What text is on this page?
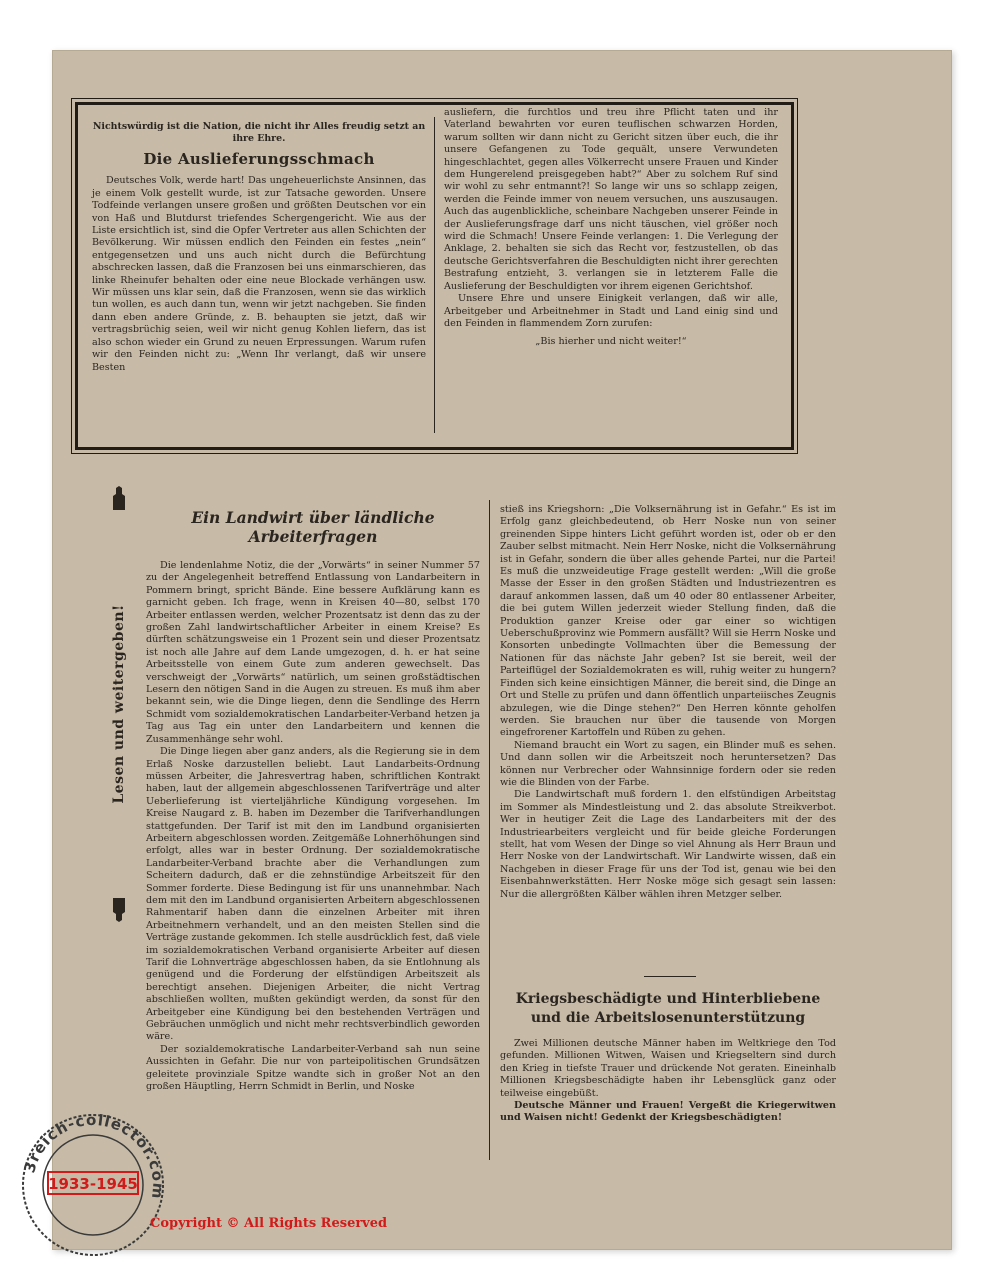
Nichtswürdig ist die Nation, die nicht ihr Alles freudig setzt an ihre Ehre.
Die Auslieferungsschmach

Deutsches Volk, werde hart! Das ungeheuerlichste Ansinnen, das je einem Volk gestellt wurde, ist zur Tatsache geworden. Unsere Todfeinde verlangen unsere großen und größten Deutschen vor ein von Haß und Blutdurst triefendes Schergengericht. Wie aus der Liste ersichtlich ist, sind die Opfer Vertreter aus allen Schichten der Bevölkerung. Wir müssen endlich den Feinden ein festes „nein“ entgegensetzen und uns auch nicht durch die Befürchtung abschrecken lassen, daß die Franzosen bei uns einmarschieren, das linke Rheinufer behalten oder eine neue Blockade verhängen usw. Wir müssen uns klar sein, daß die Franzosen, wenn sie das wirklich tun wollen, es auch dann tun, wenn wir jetzt nachgeben. Sie finden dann eben andere Gründe, z. B. behaupten sie jetzt, daß wir vertragsbrüchig seien, weil wir nicht genug Kohlen liefern, das ist also schon wieder ein Grund zu neuen Erpressungen. Warum rufen wir den Feinden nicht zu: „Wenn Ihr verlangt, daß wir unsere Besten

ausliefern, die furchtlos und treu ihre Pflicht taten und ihr Vaterland bewahrten vor euren teuflischen schwarzen Horden, warum sollten wir dann nicht zu Gericht sitzen über euch, die ihr unsere Gefangenen zu Tode gequält, unsere Verwundeten hingeschlachtet, gegen alles Völkerrecht unsere Frauen und Kinder dem Hungerelend preisgegeben habt?“ Aber zu solchem Ruf sind wir wohl zu sehr entmannt?! So lange wir uns so schlapp zeigen, werden die Feinde immer von neuem versuchen, uns auszusaugen. Auch das augenblickliche, scheinbare Nachgeben unserer Feinde in der Auslieferungsfrage darf uns nicht täuschen, viel größer noch wird die Schmach! Unsere Feinde verlangen: 1. Die Verlegung der Anklage, 2. behalten sie sich das Recht vor, festzustellen, ob das deutsche Gerichtsverfahren die Beschuldigten nicht ihrer gerechten Bestrafung entzieht, 3. verlangen sie in letzterem Falle die Auslieferung der Beschuldigten vor ihrem eigenen Gerichtshof.

Unsere Ehre und unsere Einigkeit verlangen, daß wir alle, Arbeitgeber und Arbeitnehmer in Stadt und Land einig sind und den Feinden in flammendem Zorn zurufen:

„Bis hierher und nicht weiter!“

Lesen und weitergeben!
Ein Landwirt über ländliche Arbeiterfragen

Die lendenlahme Notiz, die der „Vorwärts“ in seiner Nummer 57 zu der Angelegenheit betreffend Entlassung von Landarbeitern in Pommern bringt, spricht Bände. Eine bessere Aufklärung kann es garnicht geben. Ich frage, wenn in Kreisen 40—80, selbst 170 Arbeiter entlassen werden, welcher Prozentsatz ist denn das zu der großen Zahl landwirtschaftlicher Arbeiter in einem Kreise? Es dürften schätzungsweise ein 1 Prozent sein und dieser Prozentsatz ist noch alle Jahre auf dem Lande umgezogen, d. h. er hat seine Arbeitsstelle von einem Gute zum anderen gewechselt. Das verschweigt der „Vorwärts“ natürlich, um seinen großstädtischen Lesern den nötigen Sand in die Augen zu streuen. Es muß ihm aber bekannt sein, wie die Dinge liegen, denn die Sendlinge des Herrn Schmidt vom sozialdemokratischen Landarbeiter-Verband hetzen ja Tag aus Tag ein unter den Landarbeitern und kennen die Zusammenhänge sehr wohl.

Die Dinge liegen aber ganz anders, als die Regierung sie in dem Erlaß Noske darzustellen beliebt. Laut Landarbeits-Ordnung müssen Arbeiter, die Jahresvertrag haben, schriftlichen Kontrakt haben, laut der allgemein abgeschlossenen Tarifverträge und alter Ueberlieferung ist vierteljährliche Kündigung vorgesehen. Im Kreise Naugard z. B. haben im Dezember die Tarifverhandlungen stattgefunden. Der Tarif ist mit den im Landbund organisierten Arbeitern abgeschlossen worden. Zeitgemäße Lohnerhöhungen sind erfolgt, alles war in bester Ordnung. Der sozialdemokratische Landarbeiter-Verband brachte aber die Verhandlungen zum Scheitern dadurch, daß er die zehnstündige Arbeitszeit für den Sommer forderte. Diese Bedingung ist für uns unannehmbar. Nach dem mit den im Landbund organisierten Arbeitern abgeschlossenen Rahmentarif haben dann die einzelnen Arbeiter mit ihren Arbeitnehmern verhandelt, und an den meisten Stellen sind die Verträge zustande gekommen. Ich stelle ausdrücklich fest, daß viele im sozialdemokratischen Verband organisierte Arbeiter auf diesen Tarif die Lohnverträge abgeschlossen haben, da sie Entlohnung als genügend und die Forderung der elfstündigen Arbeitszeit als berechtigt ansehen. Diejenigen Arbeiter, die nicht Vertrag abschließen wollten, mußten gekündigt werden, da sonst für den Arbeitgeber eine Kündigung bei den bestehenden Verträgen und Gebräuchen unmöglich und nicht mehr rechtsverbindlich geworden wäre.

Der sozialdemokratische Landarbeiter-Verband sah nun seine Aussichten in Gefahr. Die nur von parteipolitischen Grundsätzen geleitete provinziale Spitze wandte sich in großer Not an den großen Häuptling, Herrn Schmidt in Berlin, und Noske

stieß ins Kriegshorn: „Die Volksernährung ist in Gefahr.“ Es ist im Erfolg ganz gleichbedeutend, ob Herr Noske nun von seiner greinenden Sippe hinters Licht geführt worden ist, oder ob er den Zauber selbst mitmacht. Nein Herr Noske, nicht die Volksernährung ist in Gefahr, sondern die über alles gehende Partei, nur die Partei! Es muß die unzweideutige Frage gestellt werden: „Will die große Masse der Esser in den großen Städten und Industriezentren es darauf ankommen lassen, daß um 40 oder 80 entlassener Arbeiter, die bei gutem Willen jederzeit wieder Stellung finden, daß die Produktion ganzer Kreise oder gar einer so wichtigen Ueberschußprovinz wie Pommern ausfällt? Will sie Herrn Noske und Konsorten unbedingte Vollmachten über die Bemessung der Nationen für das nächste Jahr geben? Ist sie bereit, weil der Parteiflügel der Sozialdemokraten es will, ruhig weiter zu hungern? Finden sich keine einsichtigen Männer, die bereit sind, die Dinge an Ort und Stelle zu prüfen und dann öffentlich unparteiisches Zeugnis abzulegen, wie die Dinge stehen?“ Den Herren könnte geholfen werden. Sie brauchen nur über die tausende von Morgen eingefrorener Kartoffeln und Rüben zu gehen.

Niemand braucht ein Wort zu sagen, ein Blinder muß es sehen. Und dann sollen wir die Arbeitszeit noch heruntersetzen? Das können nur Verbrecher oder Wahnsinnige fordern oder sie reden wie die Blinden von der Farbe.

Die Landwirtschaft muß fordern 1. den elfstündigen Arbeitstag im Sommer als Mindestleistung und 2. das absolute Streikverbot. Wer in heutiger Zeit die Lage des Landarbeiters mit der des Industriearbeiters vergleicht und für beide gleiche Forderungen stellt, hat vom Wesen der Dinge so viel Ahnung als Herr Braun und Herr Noske von der Landwirtschaft. Wir Landwirte wissen, daß ein Nachgeben in dieser Frage für uns der Tod ist, genau wie bei den Eisenbahnwerkstätten. Herr Noske möge sich gesagt sein lassen: Nur die allergrößten Kälber wählen ihren Metzger selber.

Kriegsbeschädigte und Hinterbliebene und die Arbeitslosenunterstützung

Zwei Millionen deutsche Männer haben im Weltkriege den Tod gefunden. Millionen Witwen, Waisen und Kriegseltern sind durch den Krieg in tiefste Trauer und drückende Not geraten. Eineinhalb Millionen Kriegsbeschädigte haben ihr Lebensglück ganz oder teilweise eingebüßt.

Deutsche Männer und Frauen! Vergeßt die Kriegerwitwen und Waisen nicht! Gedenkt der Kriegsbeschädigten!

3reich-collector.com
1933-1945
Copyright © All Rights Reserved
